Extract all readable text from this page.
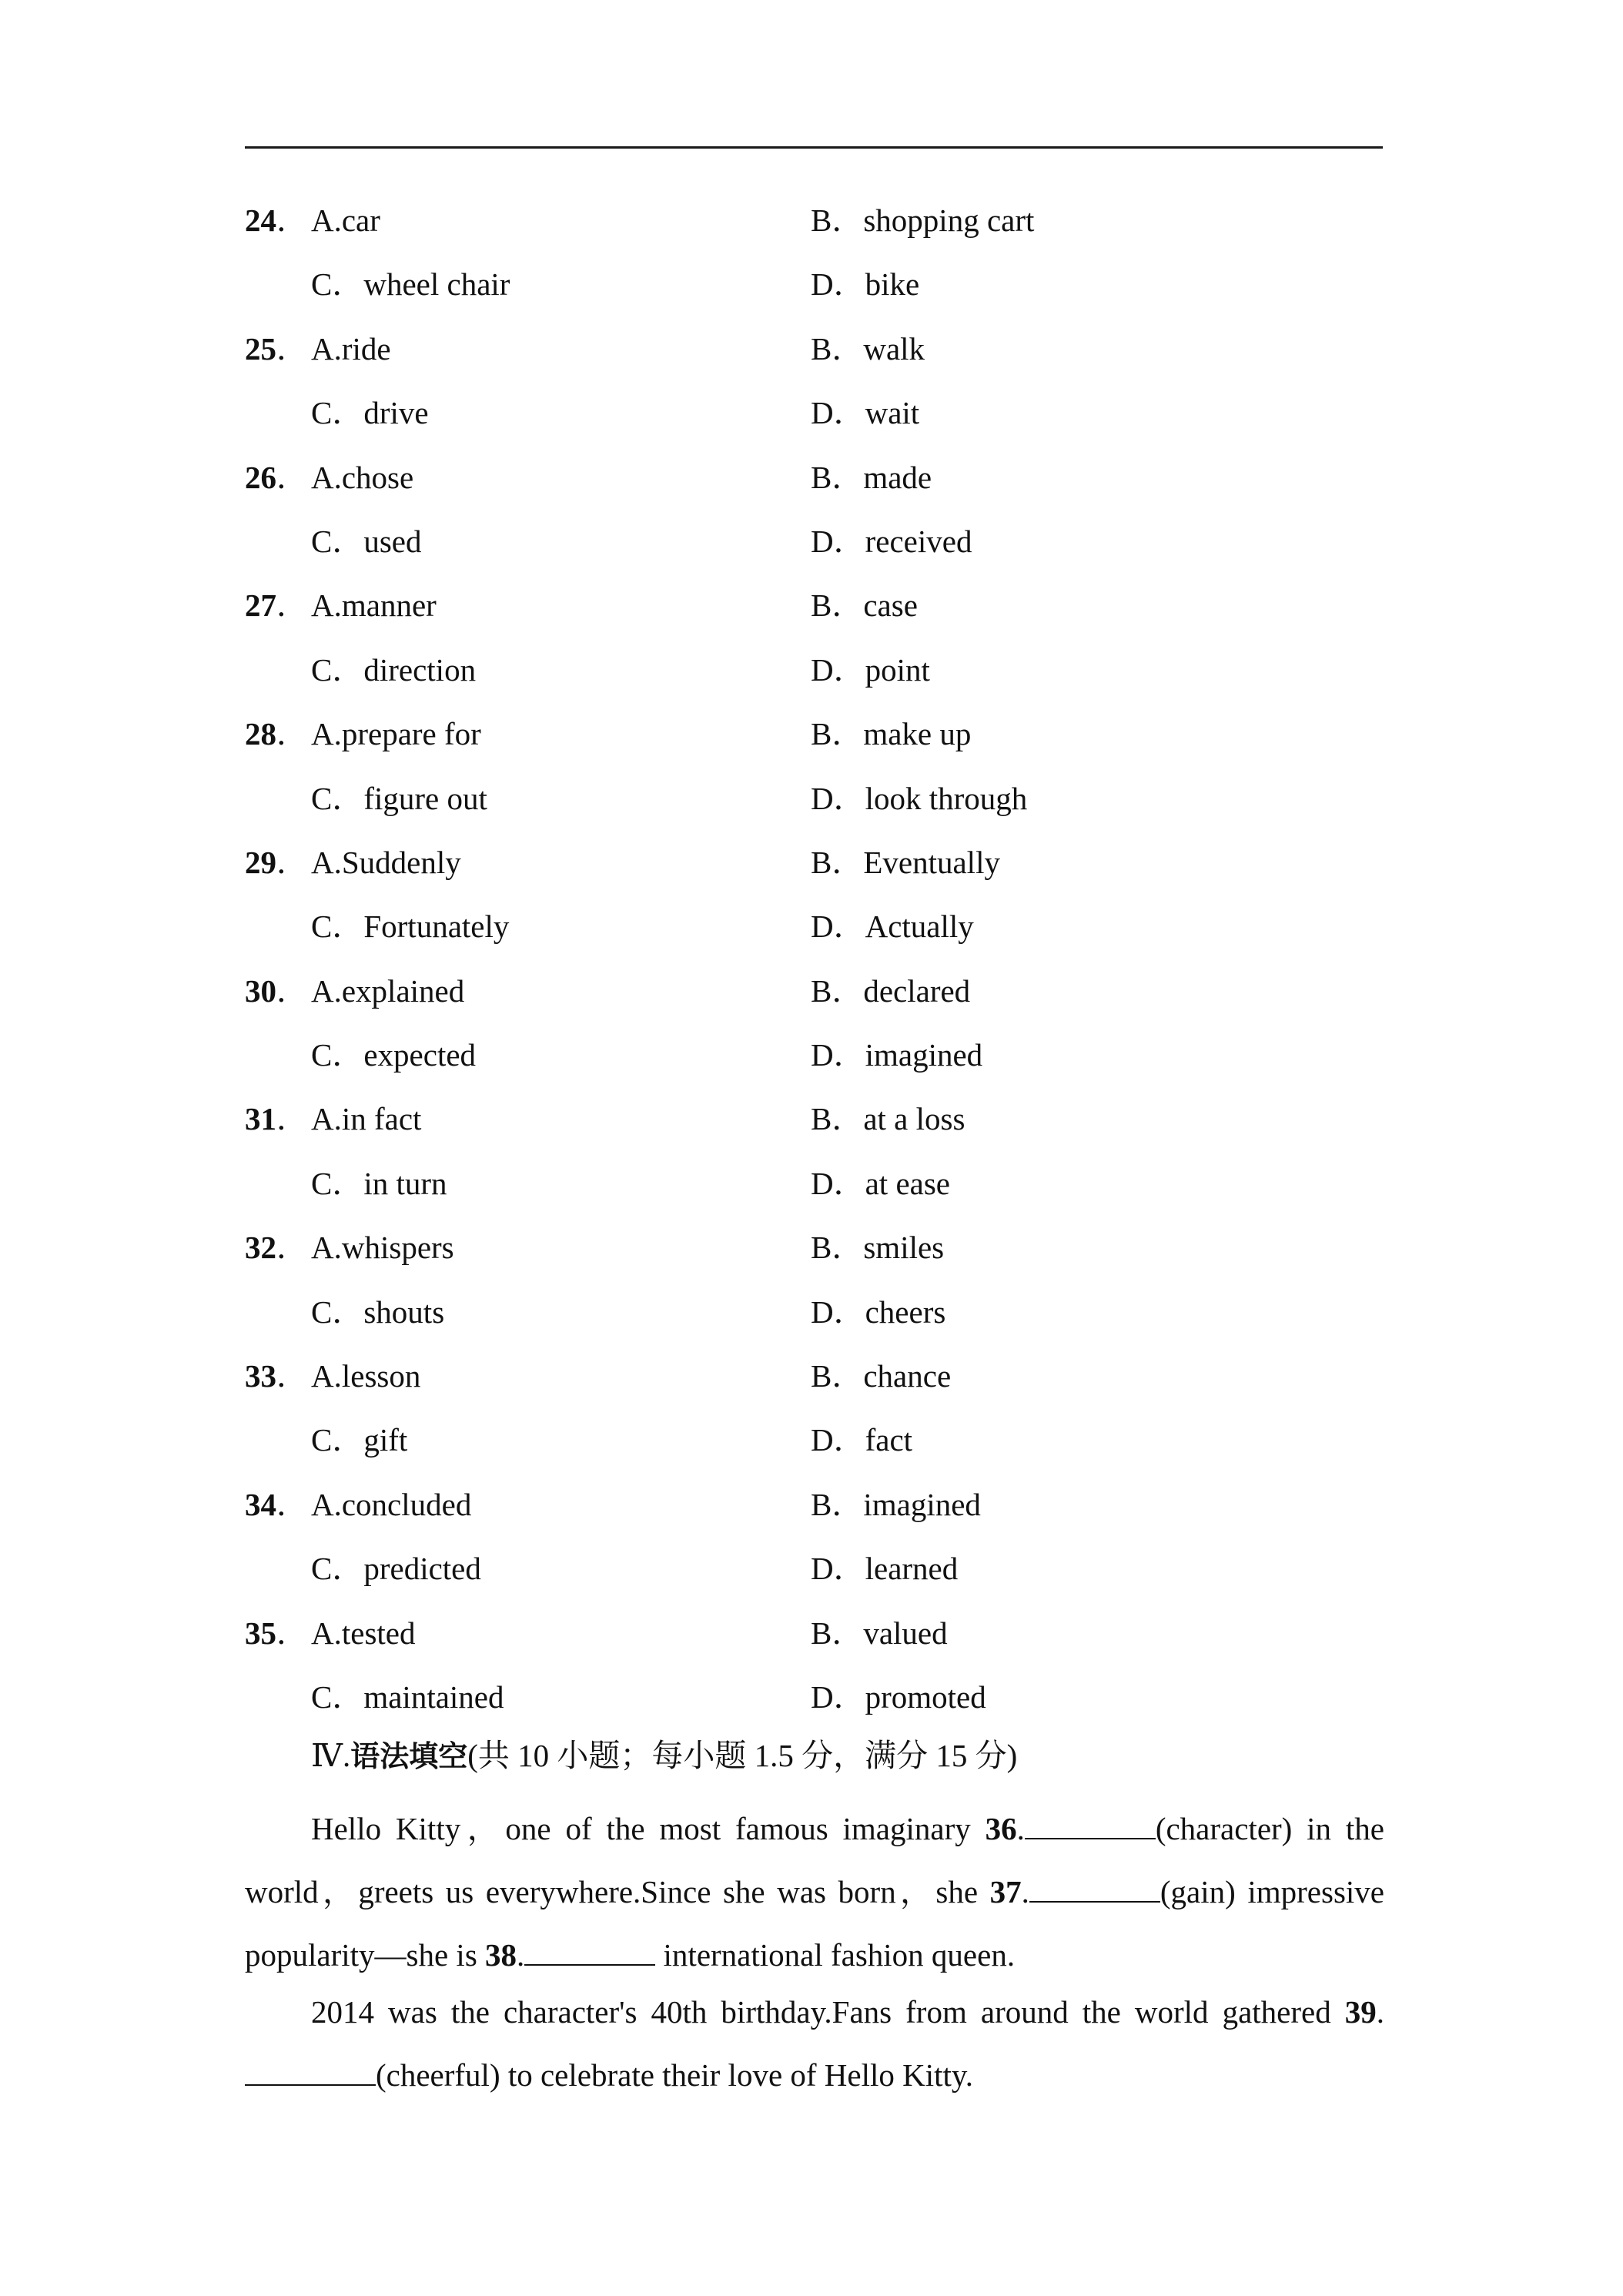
24． A.car	B．shopping cart
C．wheel chair	D．bike
25． A.ride	B．walk
C．drive	D．wait
26． A.chose	B．made
C．used	D．received
27． A.manner	B．case
C．direction	D．point
28． A.prepare for	B．make up
C．figure out	D．look through
29． A.Suddenly	B．Eventually
C．Fortunately	D．Actually
30． A.explained	B．declared
C．expected	D．imagined
31． A.in fact	B．at a loss
C．in turn	D．at ease
32． A.whispers	B．smiles
C．shouts	D．cheers
33． A.lesson	B．chance
C．gift	D．fact
34． A.concluded	B．imagined
C．predicted	D．learned
35． A.tested	B．valued
C．maintained	D．promoted
Ⅳ.语法填空(共 10 小题；每小题 1.5 分，满分 15 分)

Hello Kitty，one of the most famous imaginary 36.	(character) in the world，greets us everywhere.Since she was born，she 37.	(gain) impressive popularity—she is 38.	international fashion queen.

2014 was the character's 40th birthday.Fans from around the world gathered 39.(cheerful) to celebrate their love of Hello Kitty.
